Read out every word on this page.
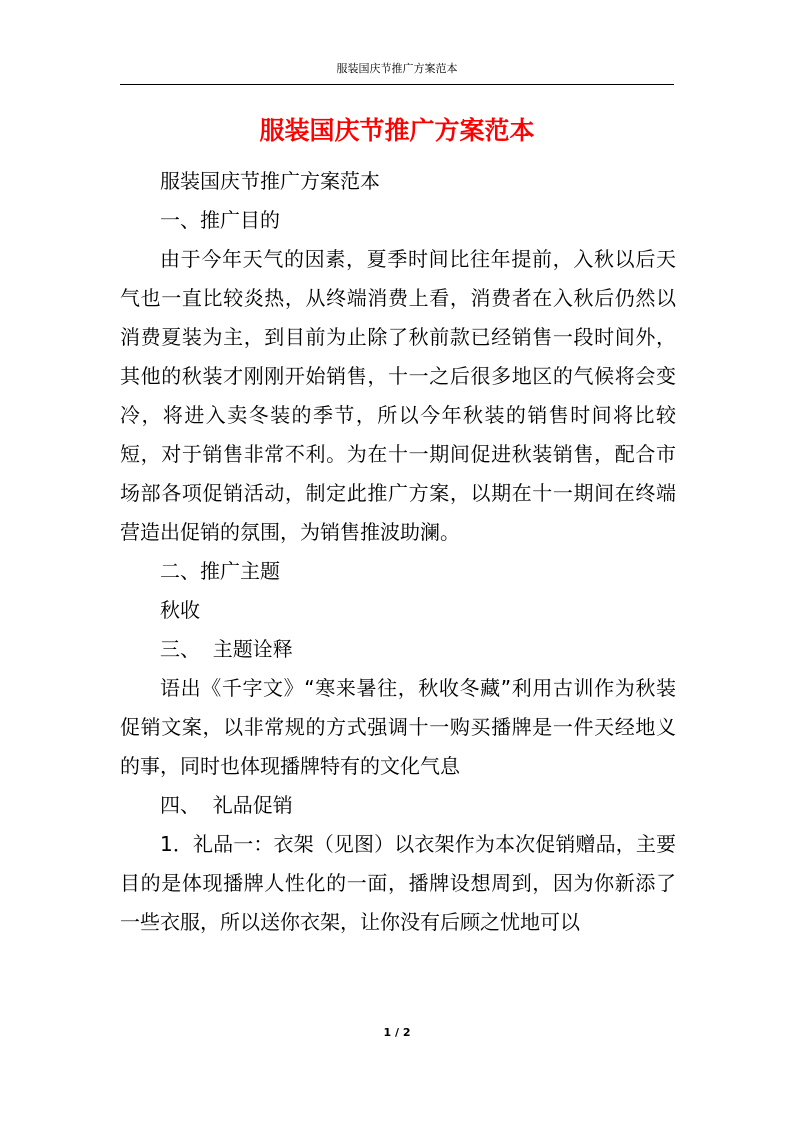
服装国庆节推广方案范本
服装国庆节推广方案范本

服装国庆节推广方案范本

一、推广目的

由于今年天气的因素，夏季时间比往年提前，入秋以后天气也一直比较炎热，从终端消费上看，消费者在入秋后仍然以消费夏装为主，到目前为止除了秋前款已经销售一段时间外，其他的秋装才刚刚开始销售，十一之后很多地区的气候将会变冷，将进入卖冬装的季节，所以今年秋装的销售时间将比较短，对于销售非常不利。为在十一期间促进秋装销售，配合市场部各项促销活动，制定此推广方案，以期在十一期间在终端营造出促销的氛围，为销售推波助澜。

二、推广主题

秋收

三、  主题诠释

语出《千字文》“寒来暑往，秋收冬藏”利用古训作为秋装促销文案，以非常规的方式强调十一购买播牌是一件天经地义的事，同时也体现播牌特有的文化气息

四、  礼品促销

1．礼品一：衣架（见图）以衣架作为本次促销赠品，主要目的是体现播牌人性化的一面，播牌设想周到，因为你新添了一些衣服，所以送你衣架，让你没有后顾之忧地可以

1 / 2
